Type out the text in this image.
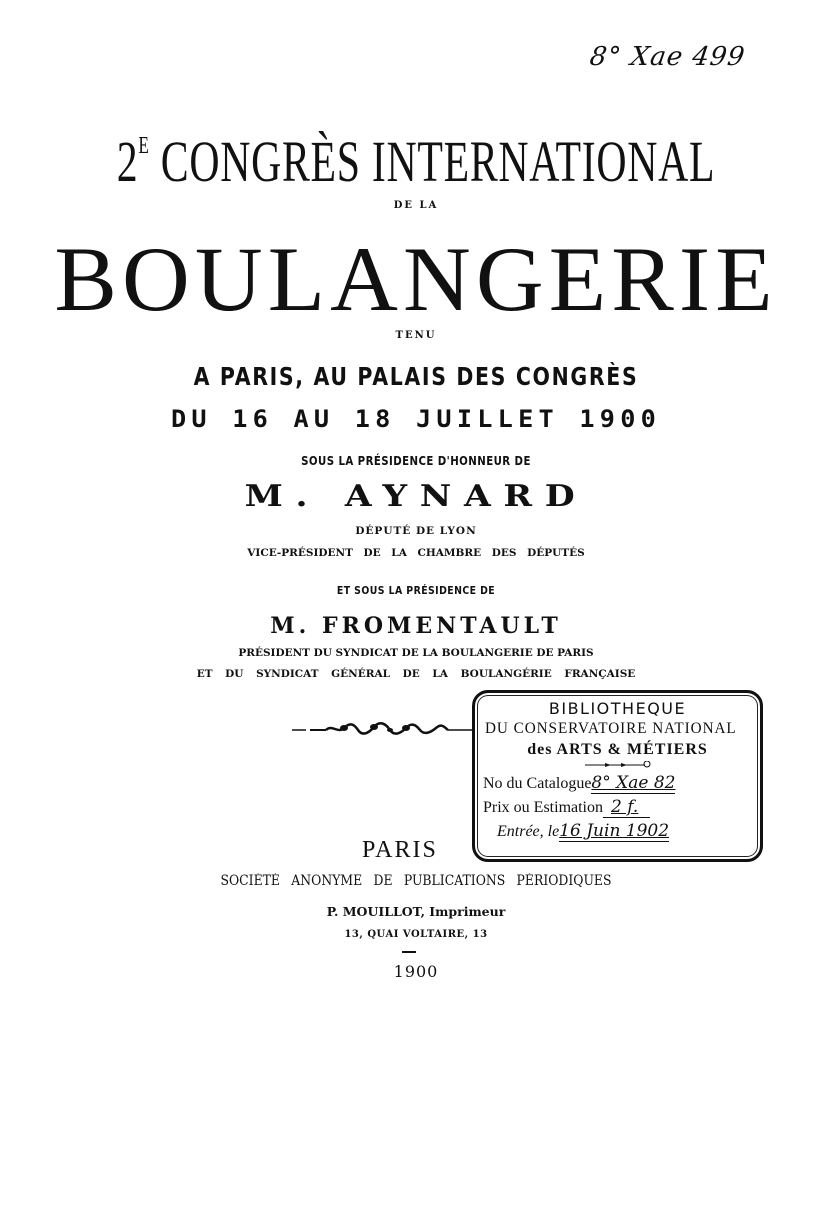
8° Xae 499
$2^E$ CONGRÈS INTERNATIONAL
DE LA
BOULANGERIE
TENU
A PARIS, AU PALAIS DES CONGRÈS
DU 16 AU 18 JUILLET 1900
SOUS LA PRÉSIDENCE D'HONNEUR DE
M. AYNARD
DÉPUTÉ DE LYON
VICE-PRÉSIDENT DE LA CHAMBRE DES DÉPUTÉS
ET SOUS LA PRÉSIDENCE DE
M. FROMENTAULT
PRÉSIDENT DU SYNDICAT DE LA BOULANGERIE DE PARIS
ET DU SYNDICAT GÉNÉRAL DE LA BOULANGÉRIE FRANÇAISE
BIBLIOTHEQUE
DU CONSERVATOIRE NATIONAL
des ARTS & MÉTIERS
No du Catalogue8° Xae 82
Prix ou Estimation 2 f.
Entrée, le16 Juin 1902
PARIS
SOCIÉTÉ ANONYME DE PUBLICATIONS PÉRIODIQUES
P. MOUILLOT, Imprimeur
13, QUAI VOLTAIRE, 13
1900
